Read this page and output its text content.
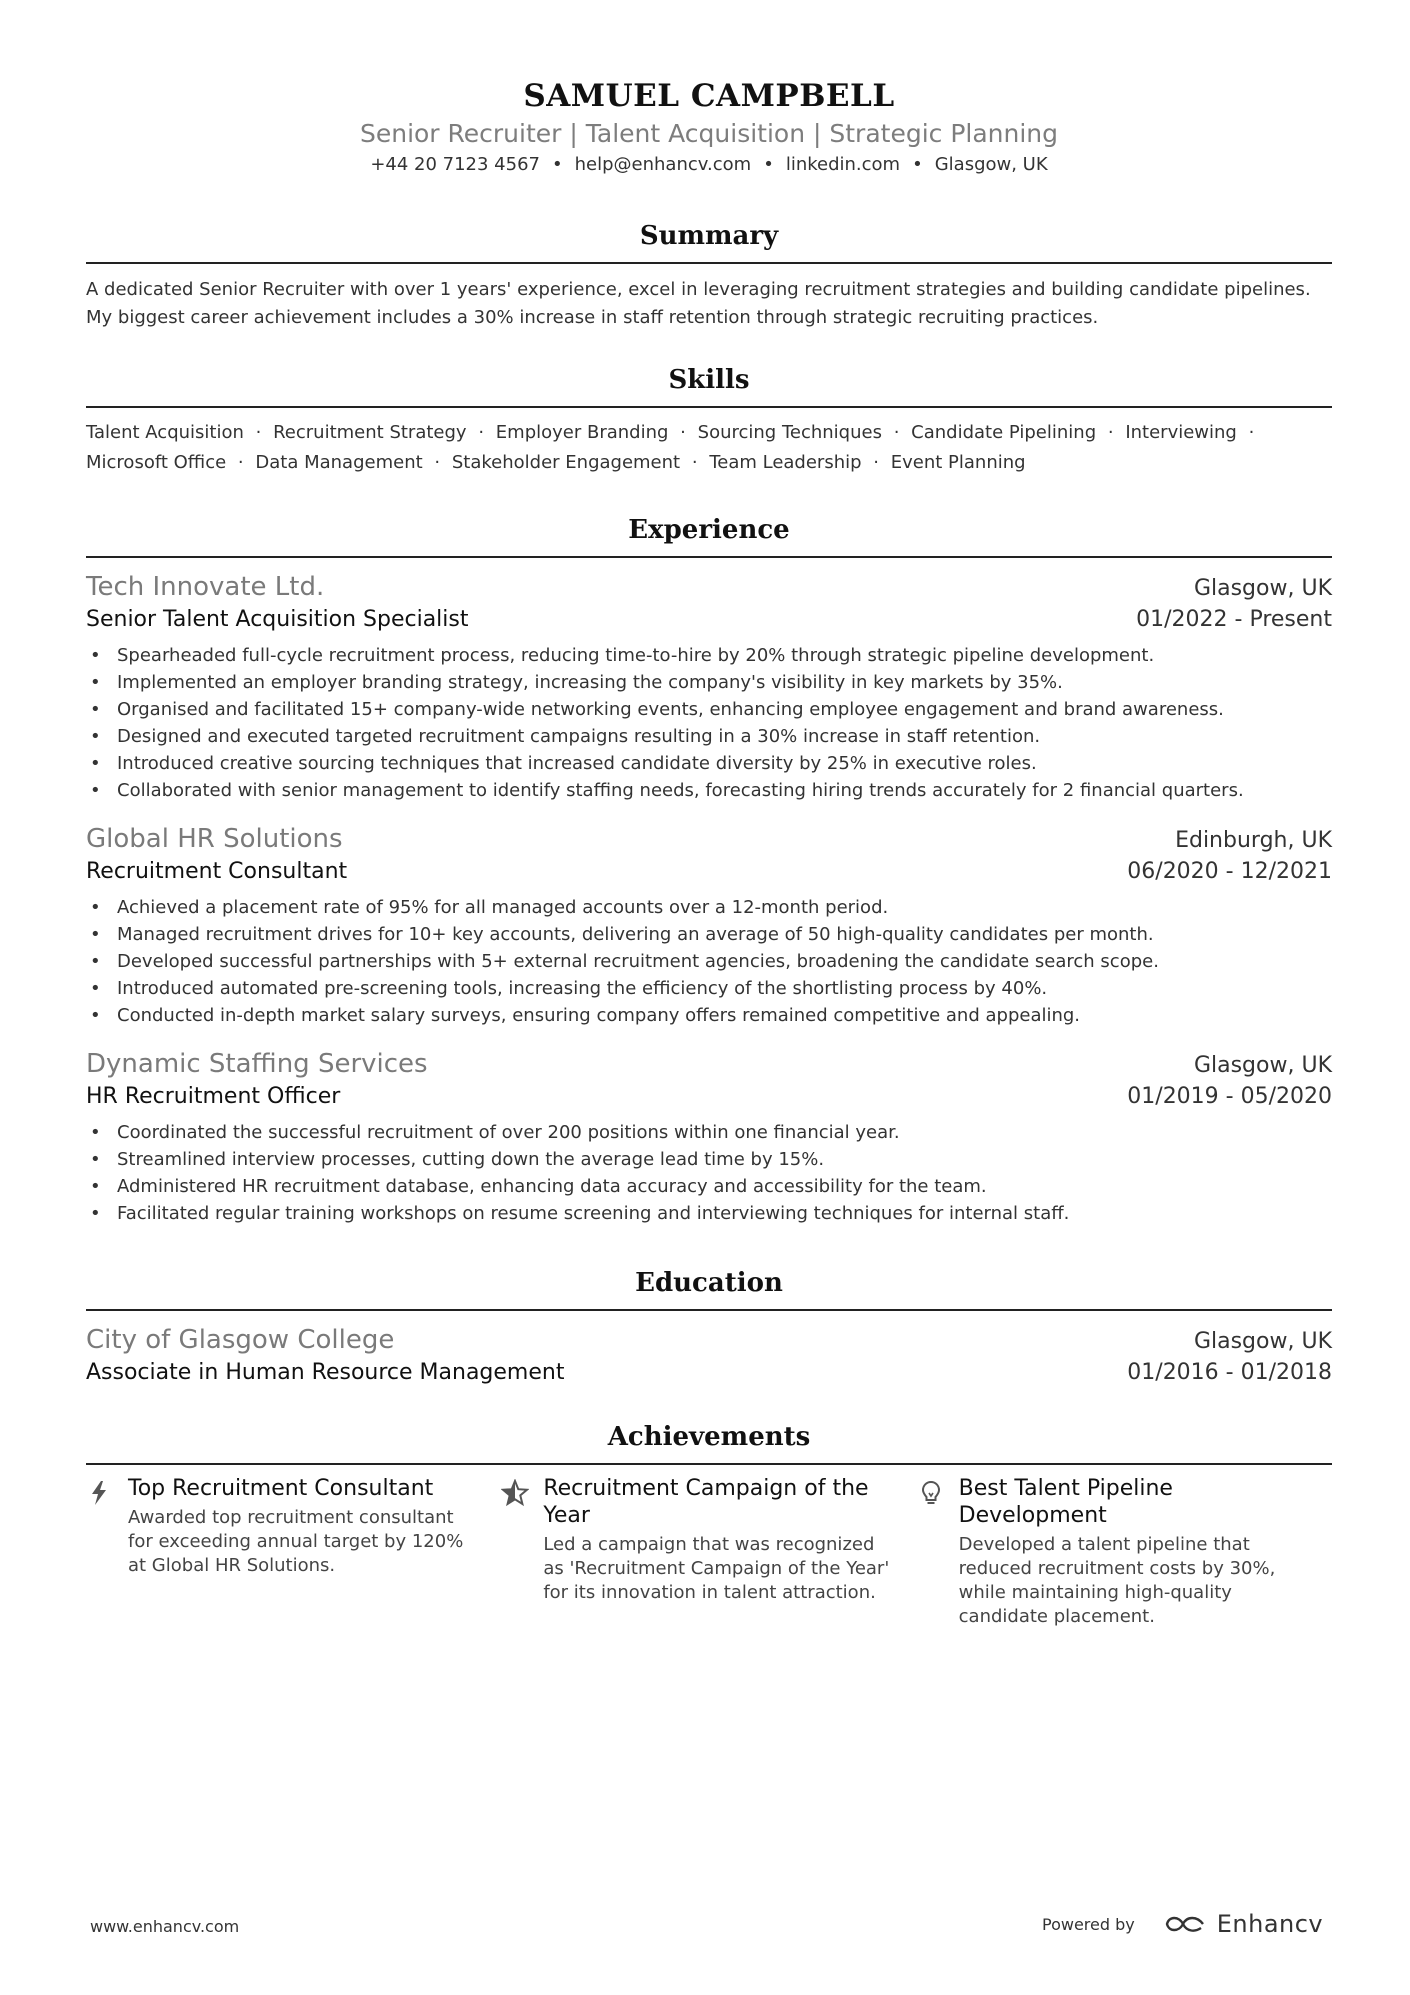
SAMUEL CAMPBELL
Senior Recruiter | Talent Acquisition | Strategic Planning
+44 20 7123 4567 • help@enhancv.com • linkedin.com • Glasgow, UK
Summary
A dedicated Senior Recruiter with over 1 years' experience, excel in leveraging recruitment strategies and building candidate pipelines. My biggest career achievement includes a 30% increase in staff retention through strategic recruiting practices.
Skills
Talent Acquisition · Recruitment Strategy · Employer Branding · Sourcing Techniques · Candidate Pipelining · Interviewing · Microsoft Office · Data Management · Stakeholder Engagement · Team Leadership · Event Planning
Experience
Tech Innovate Ltd.	Glasgow, UK
Senior Talent Acquisition Specialist	01/2022 - Present
• Spearheaded full-cycle recruitment process, reducing time-to-hire by 20% through strategic pipeline development.
• Implemented an employer branding strategy, increasing the company's visibility in key markets by 35%.
• Organised and facilitated 15+ company-wide networking events, enhancing employee engagement and brand awareness.
• Designed and executed targeted recruitment campaigns resulting in a 30% increase in staff retention.
• Introduced creative sourcing techniques that increased candidate diversity by 25% in executive roles.
• Collaborated with senior management to identify staffing needs, forecasting hiring trends accurately for 2 financial quarters.
Global HR Solutions	Edinburgh, UK
Recruitment Consultant	06/2020 - 12/2021
• Achieved a placement rate of 95% for all managed accounts over a 12-month period.
• Managed recruitment drives for 10+ key accounts, delivering an average of 50 high-quality candidates per month.
• Developed successful partnerships with 5+ external recruitment agencies, broadening the candidate search scope.
• Introduced automated pre-screening tools, increasing the efficiency of the shortlisting process by 40%.
• Conducted in-depth market salary surveys, ensuring company offers remained competitive and appealing.
Dynamic Staffing Services	Glasgow, UK
HR Recruitment Officer	01/2019 - 05/2020
• Coordinated the successful recruitment of over 200 positions within one financial year.
• Streamlined interview processes, cutting down the average lead time by 15%.
• Administered HR recruitment database, enhancing data accuracy and accessibility for the team.
• Facilitated regular training workshops on resume screening and interviewing techniques for internal staff.
Education
City of Glasgow College	Glasgow, UK
Associate in Human Resource Management	01/2016 - 01/2018
Achievements
Top Recruitment Consultant
Awarded top recruitment consultant for exceeding annual target by 120% at Global HR Solutions.
Recruitment Campaign of the Year
Led a campaign that was recognized as 'Recruitment Campaign of the Year' for its innovation in talent attraction.
Best Talent Pipeline Development
Developed a talent pipeline that reduced recruitment costs by 30%, while maintaining high-quality candidate placement.
www.enhancv.com	Powered by	Enhancv
